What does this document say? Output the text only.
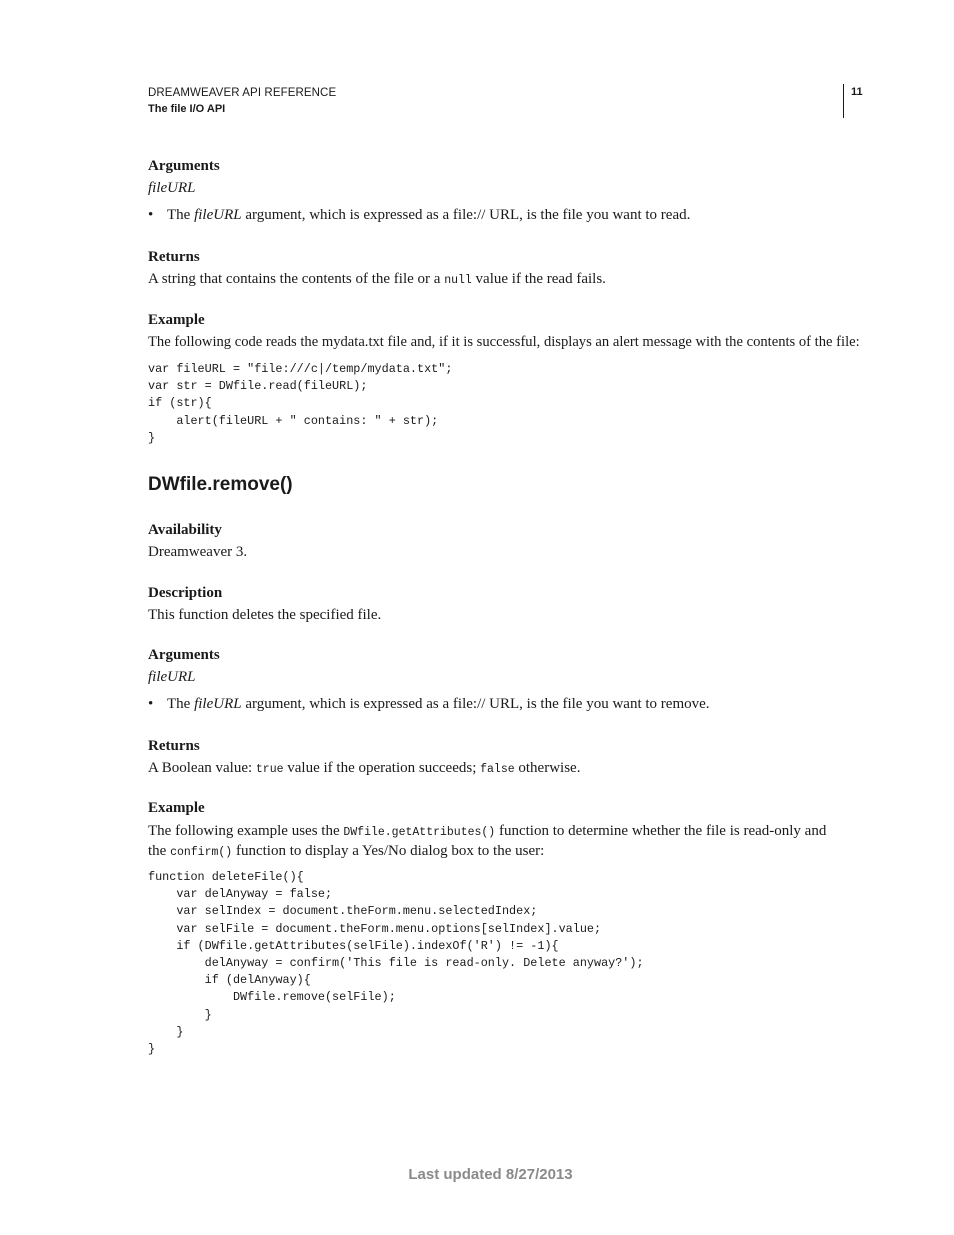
DREAMWEAVER API REFERENCE
The file I/O API
11
Arguments
fileURL
• The fileURL argument, which is expressed as a file:// URL, is the file you want to read.
Returns
A string that contains the contents of the file or a null value if the read fails.
Example
The following code reads the mydata.txt file and, if it is successful, displays an alert message with the contents of the file:
var fileURL = "file:///c|/temp/mydata.txt";
var str = DWfile.read(fileURL);
if (str){
alert(fileURL + " contains: " + str);
}
DWfile.remove()
Availability
Dreamweaver 3.
Description
This function deletes the specified file.
Arguments
fileURL
• The fileURL argument, which is expressed as a file:// URL, is the file you want to remove.
Returns
A Boolean value: true value if the operation succeeds; false otherwise.
Example
The following example uses the DWfile.getAttributes() function to determine whether the file is read-only and
the confirm() function to display a Yes/No dialog box to the user:
function deleteFile(){
var delAnyway = false;
var selIndex = document.theForm.menu.selectedIndex;
var selFile = document.theForm.menu.options[selIndex].value;
if (DWfile.getAttributes(selFile).indexOf('R') != -1){
delAnyway = confirm('This file is read-only. Delete anyway?');
if (delAnyway){
DWfile.remove(selFile);
}
}
}
Last updated 8/27/2013
